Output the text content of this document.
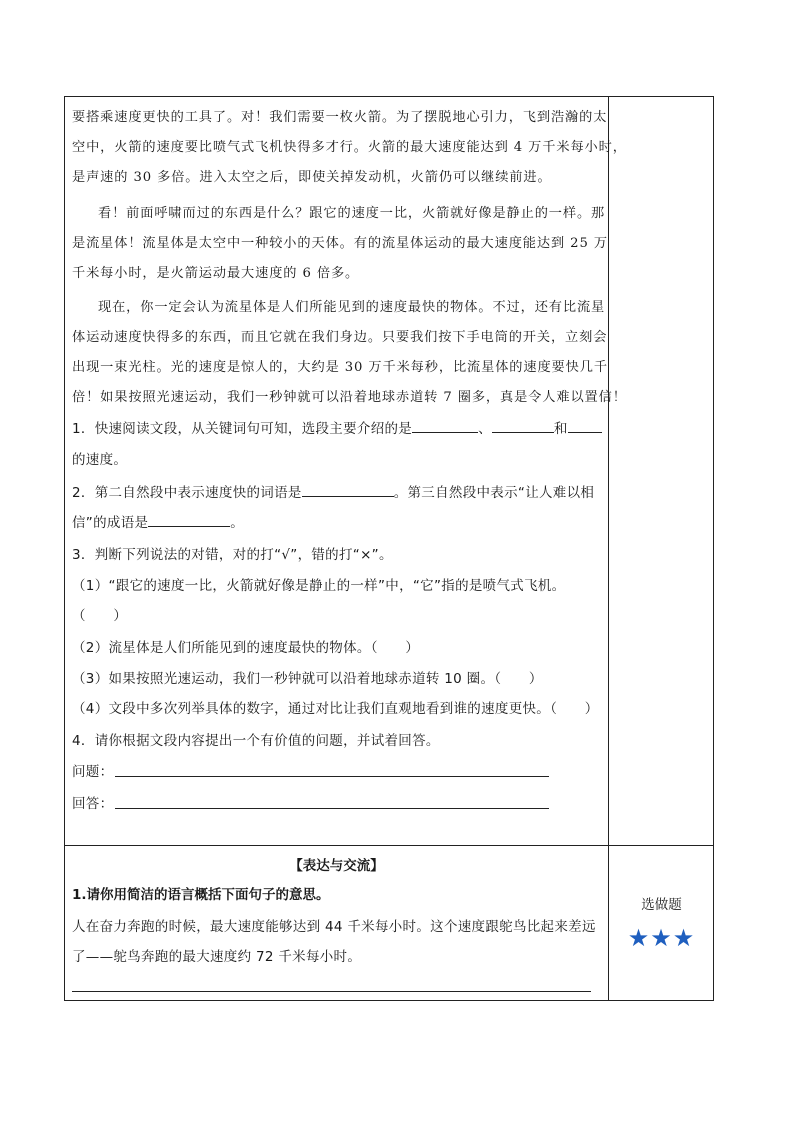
要搭乘速度更快的工具了。对！我们需要一枚火箭。为了摆脱地心引力，飞到浩瀚的太
空中，火箭的速度要比喷气式飞机快得多才行。火箭的最大速度能达到 4 万千米每小时，
是声速的 30 多倍。进入太空之后，即使关掉发动机，火箭仍可以继续前进。
看！前面呼啸而过的东西是什么？跟它的速度一比，火箭就好像是静止的一样。那
是流星体！流星体是太空中一种较小的天体。有的流星体运动的最大速度能达到 25 万
千米每小时，是火箭运动最大速度的 6 倍多。
现在，你一定会认为流星体是人们所能见到的速度最快的物体。不过，还有比流星
体运动速度快得多的东西，而且它就在我们身边。只要我们按下手电筒的开关，立刻会
出现一束光柱。光的速度是惊人的，大约是 30 万千米每秒，比流星体的速度要快几千
倍！如果按照光速运动，我们一秒钟就可以沿着地球赤道转 7 圈多，真是令人难以置信！
1．快速阅读文段，从关键词句可知，选段主要介绍的是	、	和
的速度。
2．第二自然段中表示速度快的词语是	。第三自然段中表示“让人难以相
信”的成语是	。
3．判断下列说法的对错，对的打“√”，错的打“×”。
（1）“跟它的速度一比，火箭就好像是静止的一样”中，“它”指的是喷气式飞机。
（　　）
（2）流星体是人们所能见到的速度最快的物体。（　　）
（3）如果按照光速运动，我们一秒钟就可以沿着地球赤道转 10 圈。（　　）
（4）文段中多次列举具体的数字，通过对比让我们直观地看到谁的速度更快。（　　）
4．请你根据文段内容提出一个有价值的问题，并试着回答。
问题：
回答：
【表达与交流】
1.请你用简洁的语言概括下面句子的意思。
人在奋力奔跑的时候，最大速度能够达到 44 千米每小时。这个速度跟鸵鸟比起来差远
了——鸵鸟奔跑的最大速度约 72 千米每小时。
选做题
★★★
